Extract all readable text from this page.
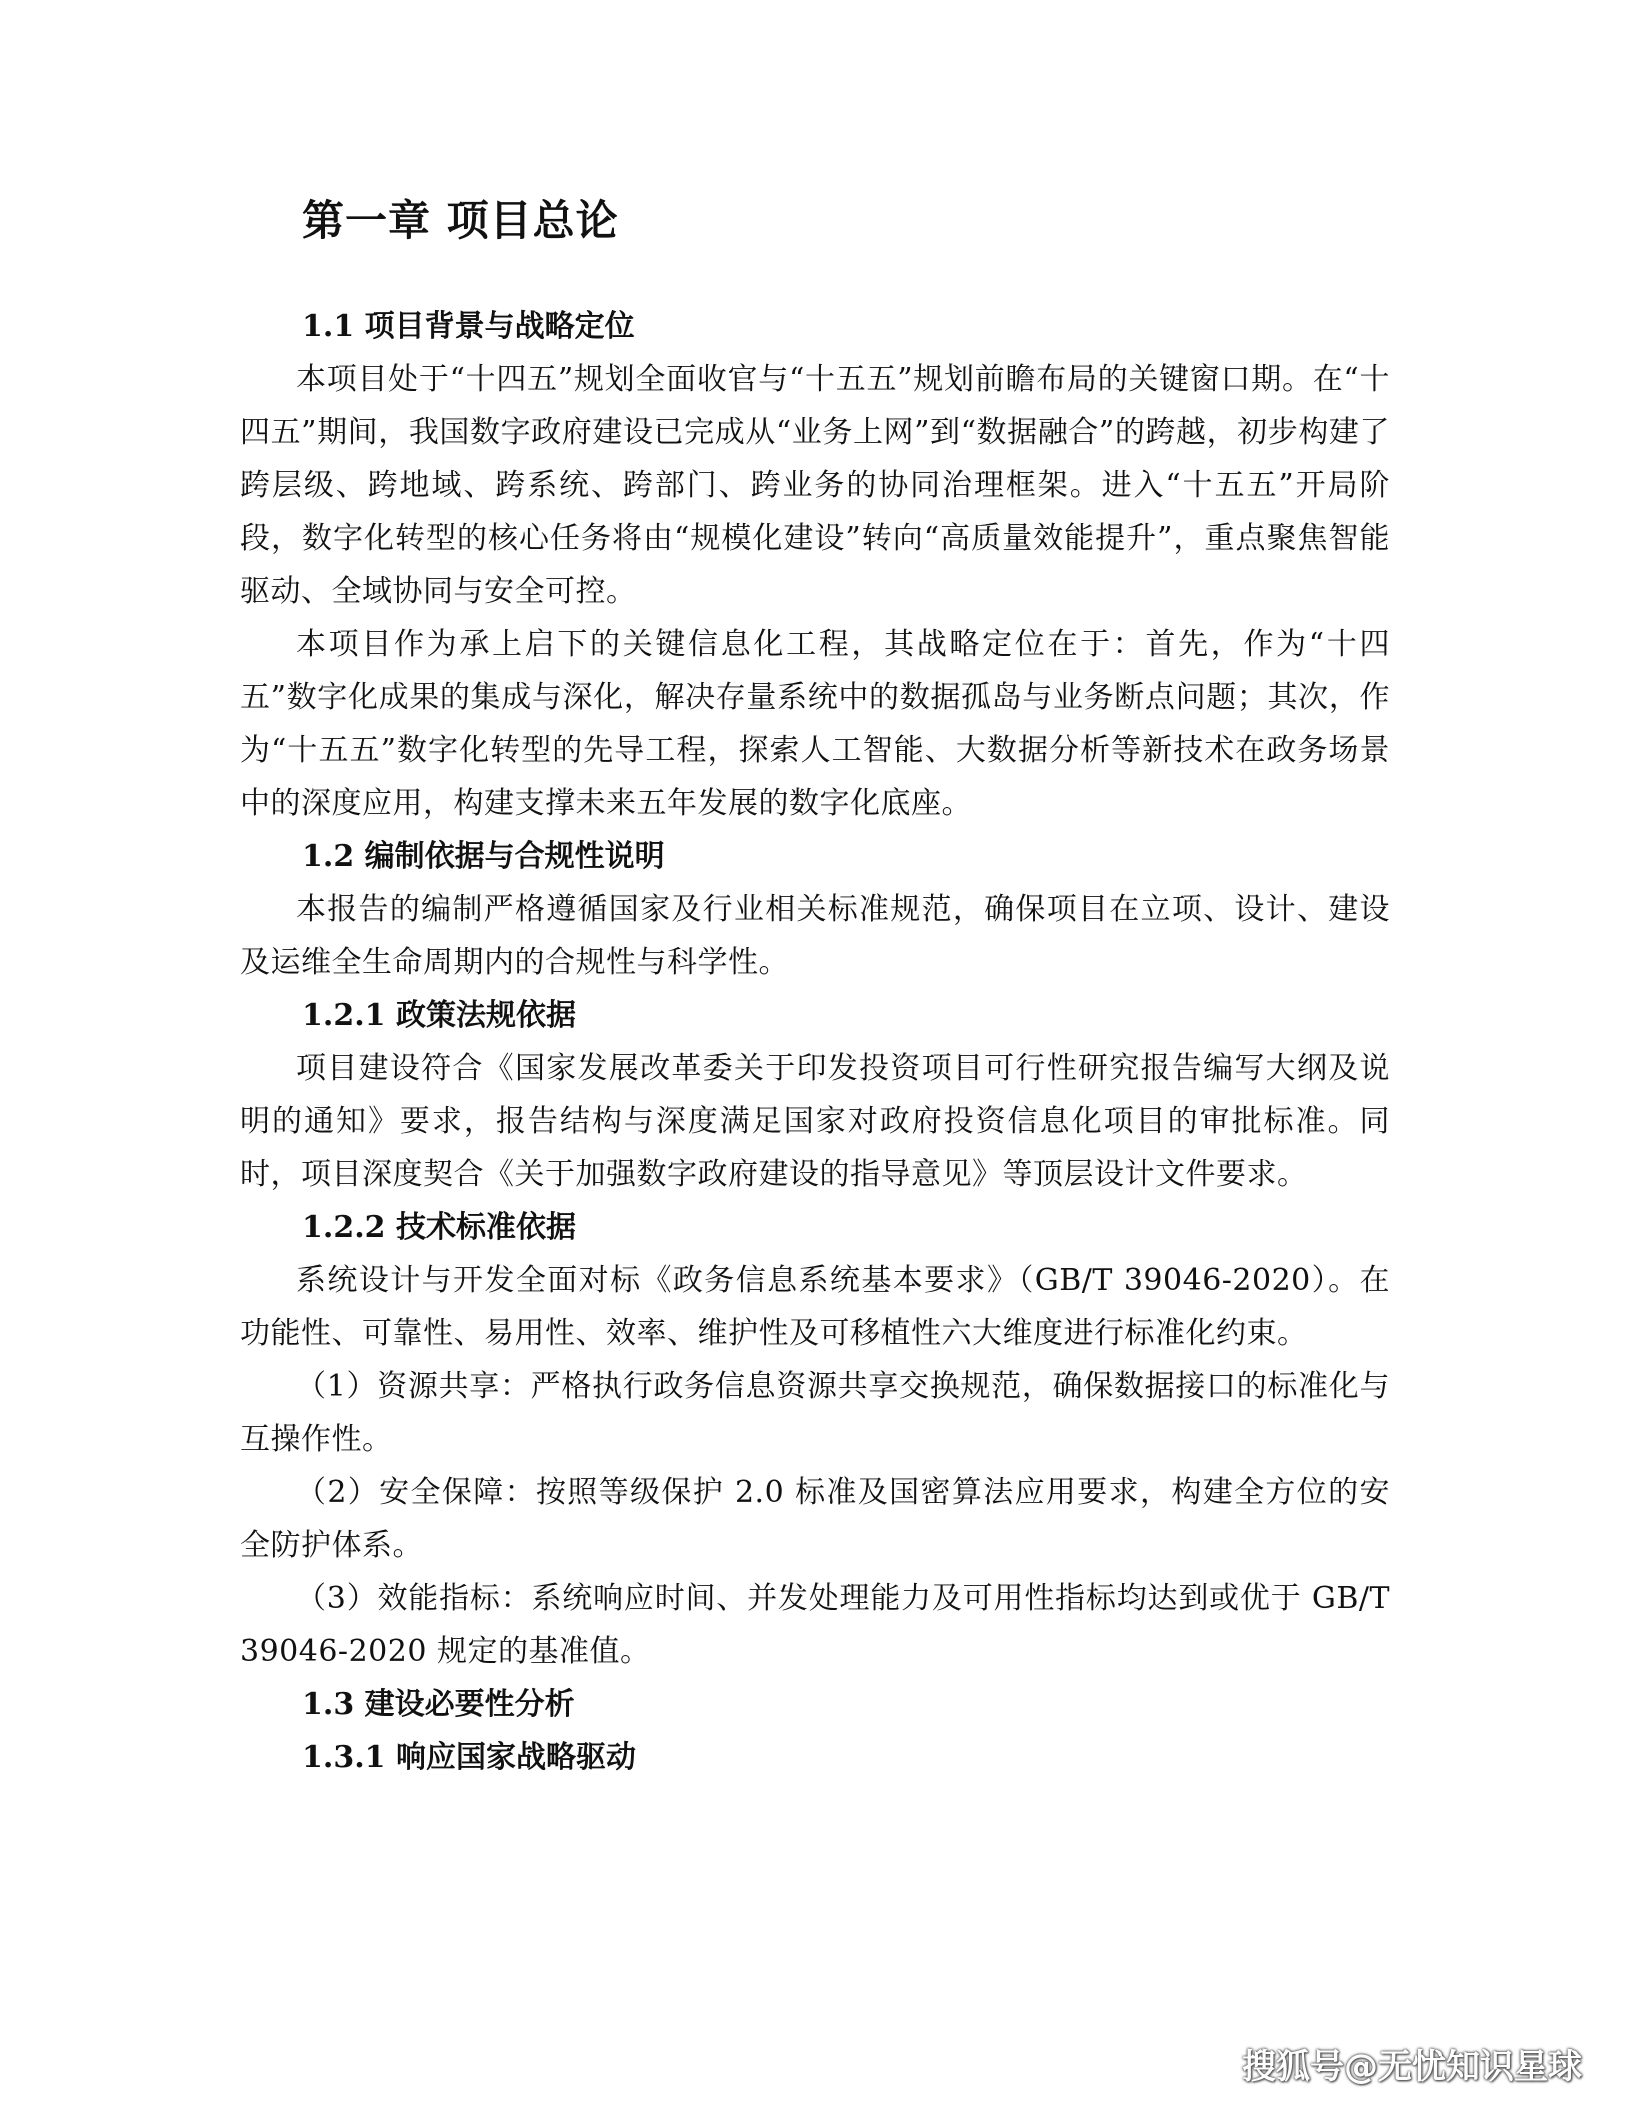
第一章 项目总论
1.1 项目背景与战略定位

本项目处于“十四五”规划全面收官与“十五五”规划前瞻布局的关键窗口期。在“十四五”期间，我国数字政府建设已完成从“业务上网”到“数据融合”的跨越，初步构建了跨层级、跨地域、跨系统、跨部门、跨业务的协同治理框架。进入“十五五”开局阶段，数字化转型的核心任务将由“规模化建设”转向“高质量效能提升”，重点聚焦智能驱动、全域协同与安全可控。

本项目作为承上启下的关键信息化工程，其战略定位在于：首先，作为“十四五”数字化成果的集成与深化，解决存量系统中的数据孤岛与业务断点问题；其次，作为“十五五”数字化转型的先导工程，探索人工智能、大数据分析等新技术在政务场景中的深度应用，构建支撑未来五年发展的数字化底座。

1.2 编制依据与合规性说明

本报告的编制严格遵循国家及行业相关标准规范，确保项目在立项、设计、建设及运维全生命周期内的合规性与科学性。

1.2.1 政策法规依据

项目建设符合《国家发展改革委关于印发投资项目可行性研究报告编写大纲及说明的通知》要求，报告结构与深度满足国家对政府投资信息化项目的审批标准。同时，项目深度契合《关于加强数字政府建设的指导意见》等顶层设计文件要求。

1.2.2 技术标准依据

系统设计与开发全面对标《政务信息系统基本要求》（GB/T 39046-2020）。在功能性、可靠性、易用性、效率、维护性及可移植性六大维度进行标准化约束。

（1）资源共享：严格执行政务信息资源共享交换规范，确保数据接口的标准化与互操作性。

（2）安全保障：按照等级保护 2.0 标准及国密算法应用要求，构建全方位的安全防护体系。

（3）效能指标：系统响应时间、并发处理能力及可用性指标均达到或优于 GB/T 39046-2020 规定的基准值。

1.3 建设必要性分析
1.3.1 响应国家战略驱动
搜狐号@无忧知识星球
